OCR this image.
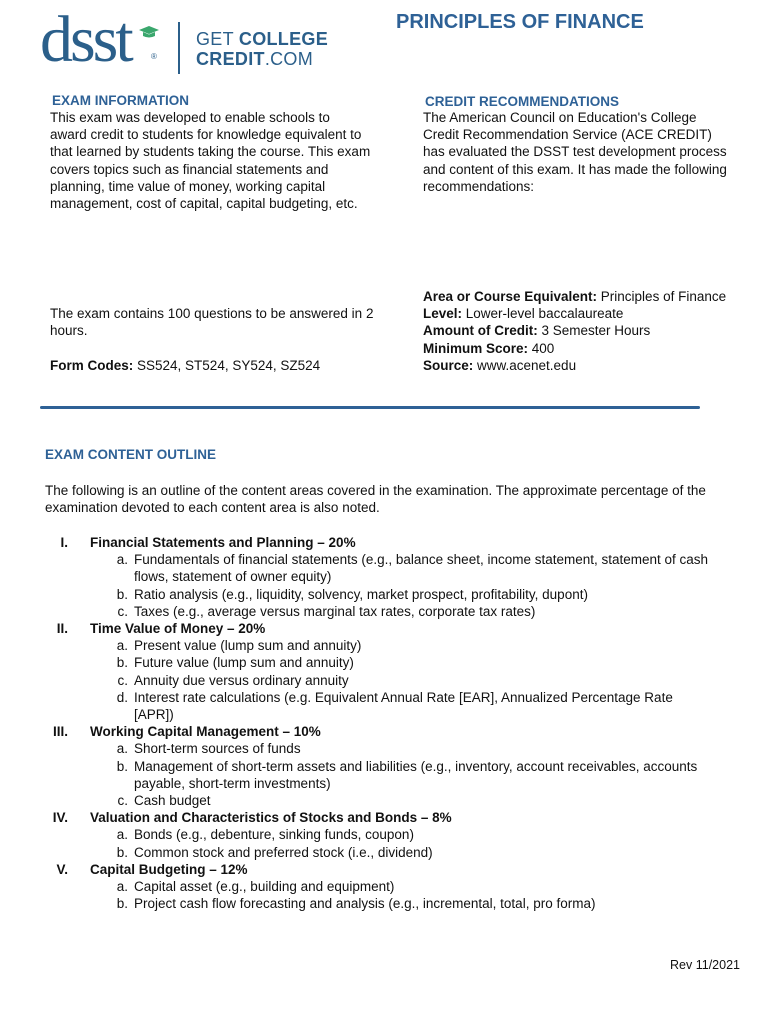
dsst	®
GET COLLEGE
CREDIT.COM
PRINCIPLES OF FINANCE
EXAM INFORMATION
This exam was developed to enable schools to
award credit to students for knowledge equivalent to
that learned by students taking the course. This exam
covers topics such as financial statements and
planning, time value of money, working capital
management, cost of capital, capital budgeting, etc.
The exam contains 100 questions to be answered in 2
hours.
Form Codes: SS524, ST524, SY524, SZ524
CREDIT RECOMMENDATIONS
The American Council on Education's College
Credit Recommendation Service (ACE CREDIT)
has evaluated the DSST test development process
and content of this exam. It has made the following
recommendations:
Area or Course Equivalent: Principles of Finance
Level: Lower-level baccalaureate
Amount of Credit: 3 Semester Hours
Minimum Score: 400
Source: www.acenet.edu
EXAM CONTENT OUTLINE
The following is an outline of the content areas covered in the examination. The approximate percentage of the
examination devoted to each content area is also noted.
I. Financial Statements and Planning – 20%
a. Fundamentals of financial statements (e.g., balance sheet, income statement, statement of cash
flows, statement of owner equity)
b. Ratio analysis (e.g., liquidity, solvency, market prospect, profitability, dupont)
c. Taxes (e.g., average versus marginal tax rates, corporate tax rates)
II. Time Value of Money – 20%
a. Present value (lump sum and annuity)
b. Future value (lump sum and annuity)
c. Annuity due versus ordinary annuity
d. Interest rate calculations (e.g. Equivalent Annual Rate [EAR], Annualized Percentage Rate
[APR])
III. Working Capital Management – 10%
a. Short-term sources of funds
b. Management of short-term assets and liabilities (e.g., inventory, account receivables, accounts
payable, short-term investments)
c. Cash budget
IV. Valuation and Characteristics of Stocks and Bonds – 8%
a. Bonds (e.g., debenture, sinking funds, coupon)
b. Common stock and preferred stock (i.e., dividend)
V. Capital Budgeting – 12%
a. Capital asset (e.g., building and equipment)
b. Project cash flow forecasting and analysis (e.g., incremental, total, pro forma)
Rev 11/2021
